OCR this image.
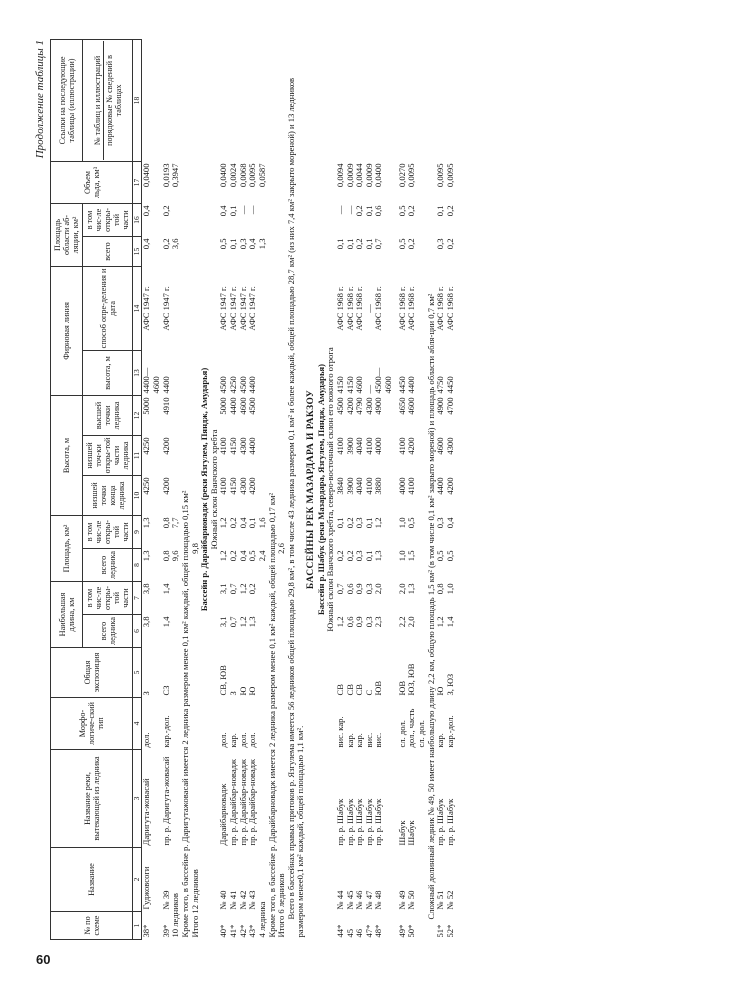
60
Продолжение таблицы 1
№ по схеме	Название	Название реки, вытекающей из ледника	Морфо-логиче-ский тип	Общая экспозиция	Наибольшая длина, км		Площадь, км²		Высота, м			Фирновая линия		Площадь области аб-ляции, км²		Объем льда, км³	Ссылки на последующие таблицы (иллюстрации)
					всего ледника	в том чис-ле откры-той части	всего ледника	в том чис-ле откры-той части	низшей точки конца ледника	низшей точ-ки откры-той части ледника	высшей точки ледника	высота, м	способ опре-деления и дата	всего	в том чис-ле откры-той части		№ таблиц и иллюстраций порядковые № сведений в таблицах

1	2	3	4	5	6	7	8	9	10	11	12	13	14	15	16	17	18
38*	Гуджовсоги	Даригута-жовасай	дол.	З	3,8	3,8	1,3	1,3	4250	4250	5000	4400—4600	АФС 1947 г.	0,4	0,4	0,0400	
39*	№ 39	пр. р. Даригута-жовасай	кар.-дол.	СЗ	1,4	1,4	0,8	0,8	4200	4200	4910	4400	АФС 1947 г.	0,2	0,2	0,0193	
10 ледников							9,6	7,7						3,6		0,3947	
Кроме того, в бассейне р. Даригутажовасай имеется 2 ледника размером менее 0,1 км² каждый, общей площадью 0,15 км²																	
Итого 12 ледников							9,8										
Бассейн р. Дарайбарновадж (реки Язгулем, Пяндж, Амударья)																	
Южный склон Ванчского хребта																	
40*	№ 40	Дарайбарновадж	дол.	СВ, ЮВ	3,1	3,1	1,2	1,2	4100	4100	5000	4500	АФС 1947 г.	0,5	0,4	0,0400	
41*	№ 41	пр. р. Дарайбар-новадж	кар.	З	0,7	0,7	0,2	0,2	4150	4150	4400	4250	АФС 1947 г.	0,1	0,1	0,0024	
42*	№ 42	пр. р. Дарайбар-новадж	дол.	Ю	1,2	1,2	0,4	0,4	4300	4300	4600	4500	АФС 1947 г.	0,3	—	0,0068	
43*	№ 43	пр. р. Дарайбар-новадж	дол.	Ю	1,3	0,2	0,5	0,1	4200	4400	4500	4400	АФС 1947 г.	0,4	—	0,0095	
4 ледника							2,4	1,6						1,3		0,0587	
Кроме того, в бассейне р. Дарайбарновадж имеется 2 ледника размером менее 0,1 км² каждый, общей площадью 0,17 км²																	
Итого 6 ледников							2,6										
Всего в бассейнах правых притоков р. Язгулема имеется 56 ледников общей площадью 29,8 км², в том числе 43 ледника размером 0,1 км² и более каждый, общей площадью 28,7 км² (из них 7,4 км² закрыто мореной) и 13 ледников размером менее0,1 км² каждый, общей площадью 1,1 км².																	
БАССЕЙНЫ РЕК МАЗАРДАРА И РАКЗОУ																	
Бассейн р. Шабук (реки Мазардара, Язгулем, Пяндж, Амударья)																	
Южный склон Ванчского хребта, северо-восточный склон его южного отрога																	
44*	№ 44	пр. р. Шабук	вис. кар.	СВ	1,2	0,7	0,2	0,1	3840	4100	4500	4150	АФС 1968 г.	0,1	—	0,0094	
45	№ 45	пр. р. Шабук	кар.	СВ	0,6	0,6	0,2	0,2	3900	3900	4200	4150	АФС 1968 г.	0,1	—	0,0009	
46	№ 46	пр. р. Шабук	кар.	СВ	0,9	0,9	0,3	0,3	4040	4040	4790	4600	АФС 1968 г.	0,2	0,2	0,0044	
47*	№ 47	пр. р. Шабук	вис.	С	0,3	0,3	0,1	0,1	4100	4100	4300	—	—	0,1	0,1	0,0009	
48*	№ 48	пр. р. Шабук	вис.	ЮВ	2,3	2,0	1,3	1,2	3880	4000	4900	4500—4600	АФС 1968 г.	0,7	0,6	0,0400	

49*	№ 49	Шабук	сл. дол.	ЮВ	2,2	2,0	1,0	1,0	4000	4100	4650	4450	АФС 1968 г.	0,5	0,5	0,0270	
50*	№ 50	Шабук	дол., часть сл. дол.	ЮЗ, ЮВ	2,0	1,3	1,5	0,5	4100	4200	4600	4400	АФС 1968 г.	0,2	0,2	0,0095	
Сложный долинный ледник № 49, 50 имеет наибольшую длину 2,2 км, общую площадь 1,5 км² (в том числе 0,1 км² закрыто мореной) и площадь области абля-ции 0,7 км²																	
51*	№ 51	пр. р. Шабук	кар.	Ю	1,2	0,8	0,5	0,3	4400	4600	4900	4750	АФС 1968 г.	0,3	0,1	0,0095	
52*	№ 52	пр. р. Шабук	кар.-дол.	З, ЮЗ	1,4	1,0	0,5	0,4	4200	4300	4700	4450	АФС 1968 г.	0,2	0,2	0,0095	
